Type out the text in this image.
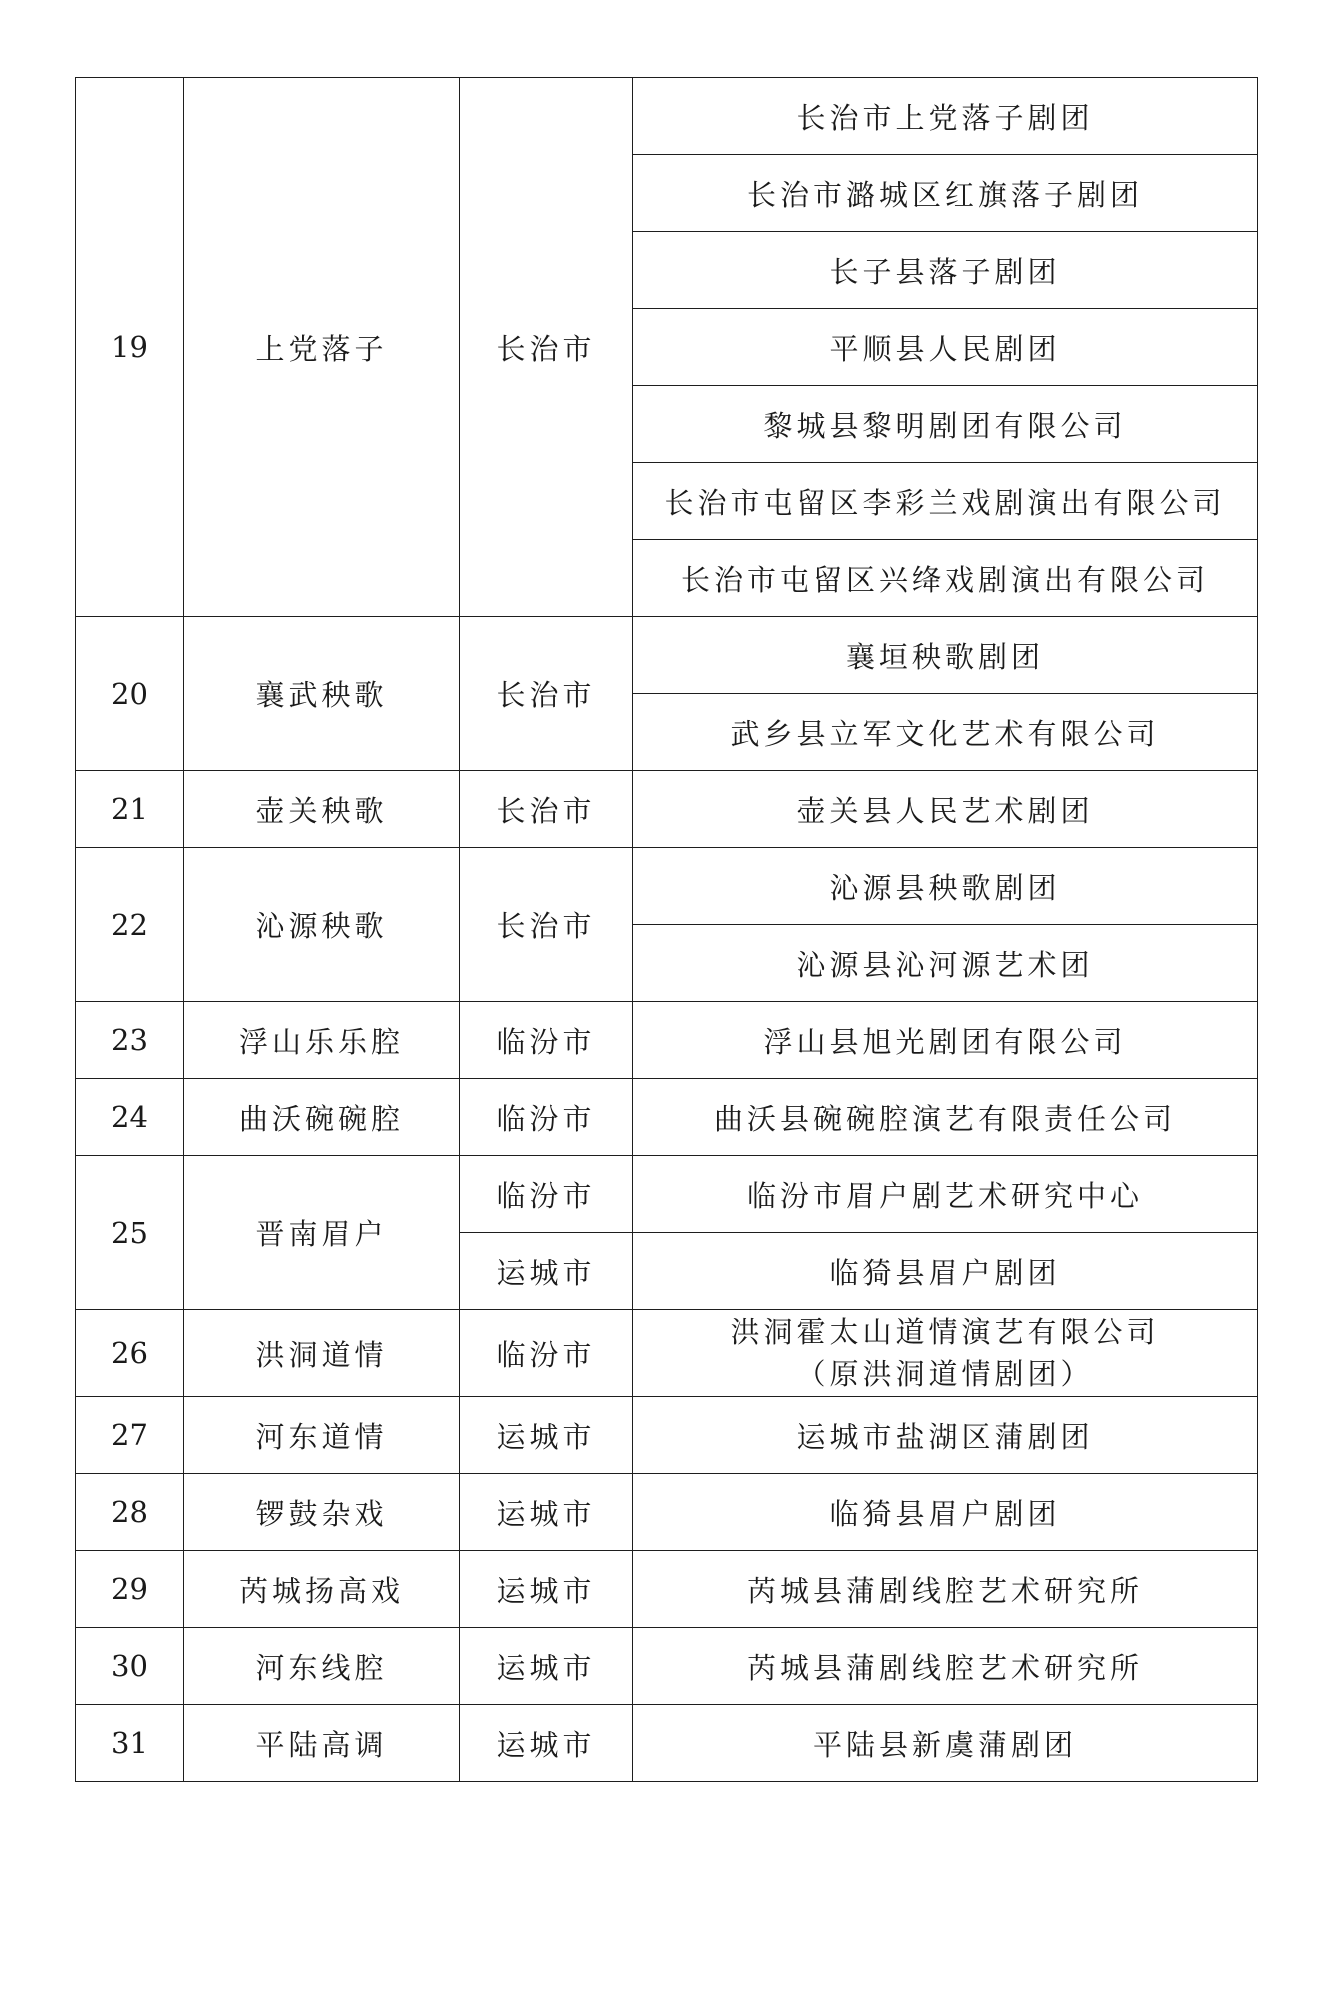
19	上党落子	长治市	长治市上党落子剧团
			长治市潞城区红旗落子剧团
			长子县落子剧团
			平顺县人民剧团
			黎城县黎明剧团有限公司
			长治市屯留区李彩兰戏剧演出有限公司
			长治市屯留区兴绛戏剧演出有限公司
20	襄武秧歌	长治市	襄垣秧歌剧团
			武乡县立军文化艺术有限公司
21	壶关秧歌	长治市	壶关县人民艺术剧团
22	沁源秧歌	长治市	沁源县秧歌剧团
			沁源县沁河源艺术团
23	浮山乐乐腔	临汾市	浮山县旭光剧团有限公司
24	曲沃碗碗腔	临汾市	曲沃县碗碗腔演艺有限责任公司
25	晋南眉户	临汾市	临汾市眉户剧艺术研究中心
		运城市	临猗县眉户剧团
26	洪洞道情	临汾市	洪洞霍太山道情演艺有限公司
（原洪洞道情剧团）

27	河东道情	运城市	运城市盐湖区蒲剧团
28	锣鼓杂戏	运城市	临猗县眉户剧团
29	芮城扬高戏	运城市	芮城县蒲剧线腔艺术研究所
30	河东线腔	运城市	芮城县蒲剧线腔艺术研究所
31	平陆高调	运城市	平陆县新虞蒲剧团
